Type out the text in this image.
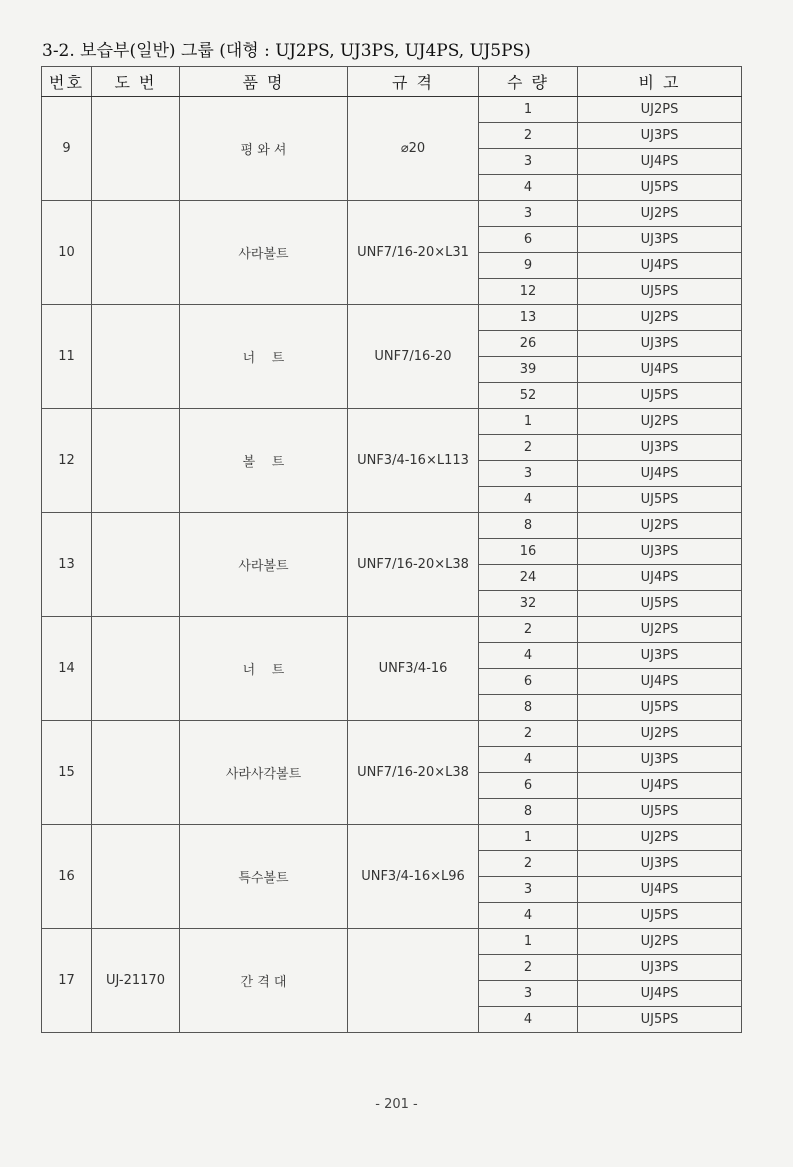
3-2. 보습부(일반) 그룹 (대형 : UJ2PS, UJ3PS, UJ4PS, UJ5PS)
번호	도 번	품 명	규 격	수 량	비 고
9		평 와 셔	⌀20	1	UJ2PS
				2	UJ3PS
				3	UJ4PS
				4	UJ5PS
10		사라볼트	UNF7/16-20×L31	3	UJ2PS
				6	UJ3PS
				9	UJ4PS
				12	UJ5PS
11		너    트	UNF7/16-20	13	UJ2PS
				26	UJ3PS
				39	UJ4PS
				52	UJ5PS
12		볼    트	UNF3/4-16×L113	1	UJ2PS
				2	UJ3PS
				3	UJ4PS
				4	UJ5PS
13		사라볼트	UNF7/16-20×L38	8	UJ2PS
				16	UJ3PS
				24	UJ4PS
				32	UJ5PS
14		너    트	UNF3/4-16	2	UJ2PS
				4	UJ3PS
				6	UJ4PS
				8	UJ5PS
15		사라사각볼트	UNF7/16-20×L38	2	UJ2PS
				4	UJ3PS
				6	UJ4PS
				8	UJ5PS
16		특수볼트	UNF3/4-16×L96	1	UJ2PS
				2	UJ3PS
				3	UJ4PS
				4	UJ5PS
17	UJ-21170	간 격 대		1	UJ2PS
				2	UJ3PS
				3	UJ4PS
				4	UJ5PS
- 201 -
